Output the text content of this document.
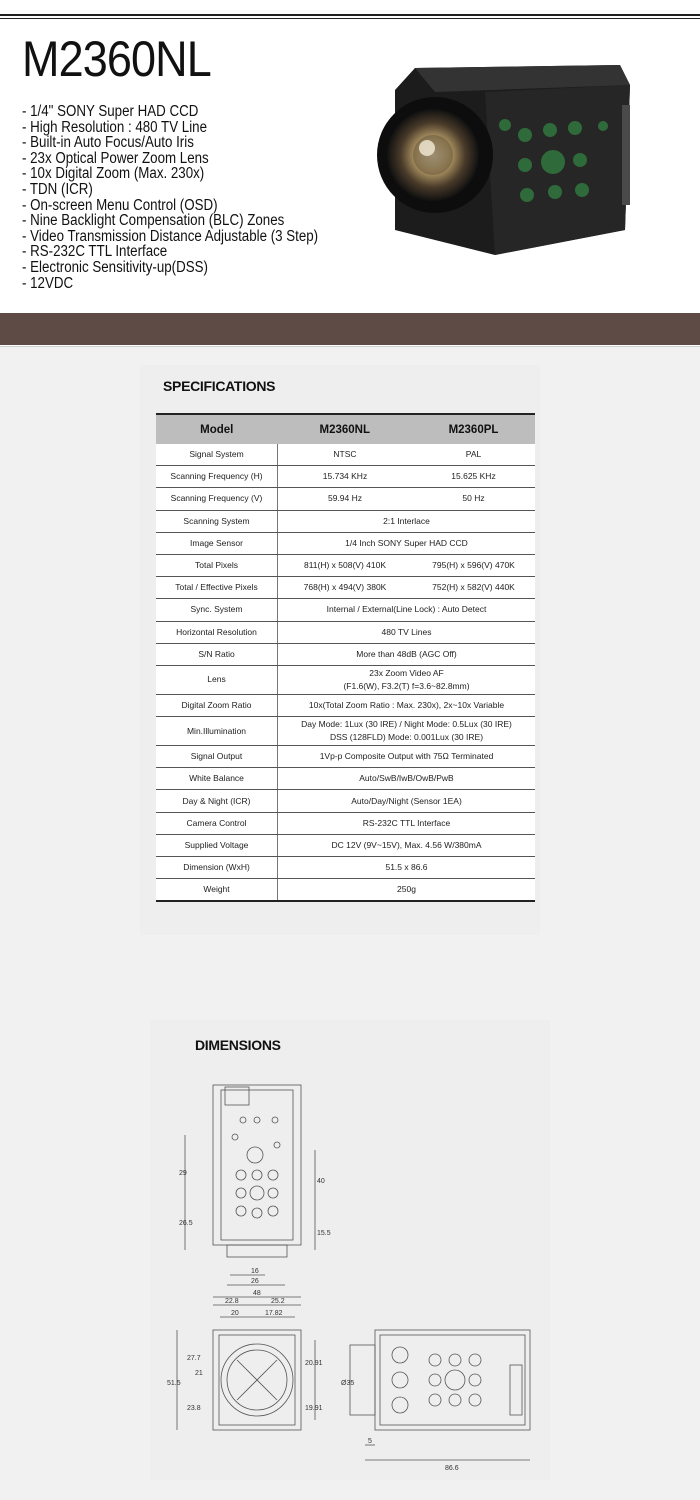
M2360NL
- 1/4" SONY Super HAD CCD
- High Resolution : 480 TV Line
- Built-in Auto Focus/Auto Iris
- 23x Optical Power Zoom Lens
- 10x Digital Zoom (Max. 230x)
- TDN (ICR)
- On-screen Menu Control (OSD)
- Nine Backlight Compensation (BLC) Zones
- Video Transmission Distance Adjustable (3 Step)
- RS-232C TTL Interface
- Electronic Sensitivity-up(DSS)
- 12VDC
SPECIFICATIONS
Model	M2360NL	M2360PL
Signal System	NTSC	PAL
Scanning Frequency (H)	15.734 KHz	15.625 KHz
Scanning Frequency (V)	59.94 Hz	50 Hz
Scanning System	2:1 Interlace	
Image Sensor	1/4 Inch SONY Super HAD CCD	
Total Pixels	811(H) x 508(V) 410K	795(H) x 596(V) 470K
Total / Effective Pixels	768(H) x 494(V) 380K	752(H) x 582(V) 440K
Sync. System	Internal / External(Line Lock) : Auto Detect	
Horizontal Resolution	480 TV Lines	
S/N Ratio	More than 48dB (AGC Off)	
Lens	23x Zoom Video AF
(F1.6(W), F3.2(T) f=3.6~82.8mm)	

Digital Zoom Ratio	10x(Total Zoom Ratio : Max. 230x), 2x~10x Variable	
Min.Illumination	Day Mode: 1Lux (30 IRE) / Night Mode: 0.5Lux (30 IRE)
DSS (128FLD) Mode: 0.001Lux (30 IRE)	

Signal Output	1Vp-p Composite Output with 75Ω Terminated	
White Balance	Auto/SwB/IwB/OwB/PwB	
Day & Night (ICR)	Auto/Day/Night (Sensor 1EA)	
Camera Control	RS-232C TTL Interface	
Supplied Voltage	DC 12V (9V~15V), Max. 4.56 W/380mA	
Dimension (WxH)	51.5 x 86.6	
Weight	250g	
DIMENSIONS
29
26.5
40
15.5
16
26
48
22.8	25.2
20	17.82
51.5
27.7
21
23.8
20.91
19.91
Ø35
5
86.6
